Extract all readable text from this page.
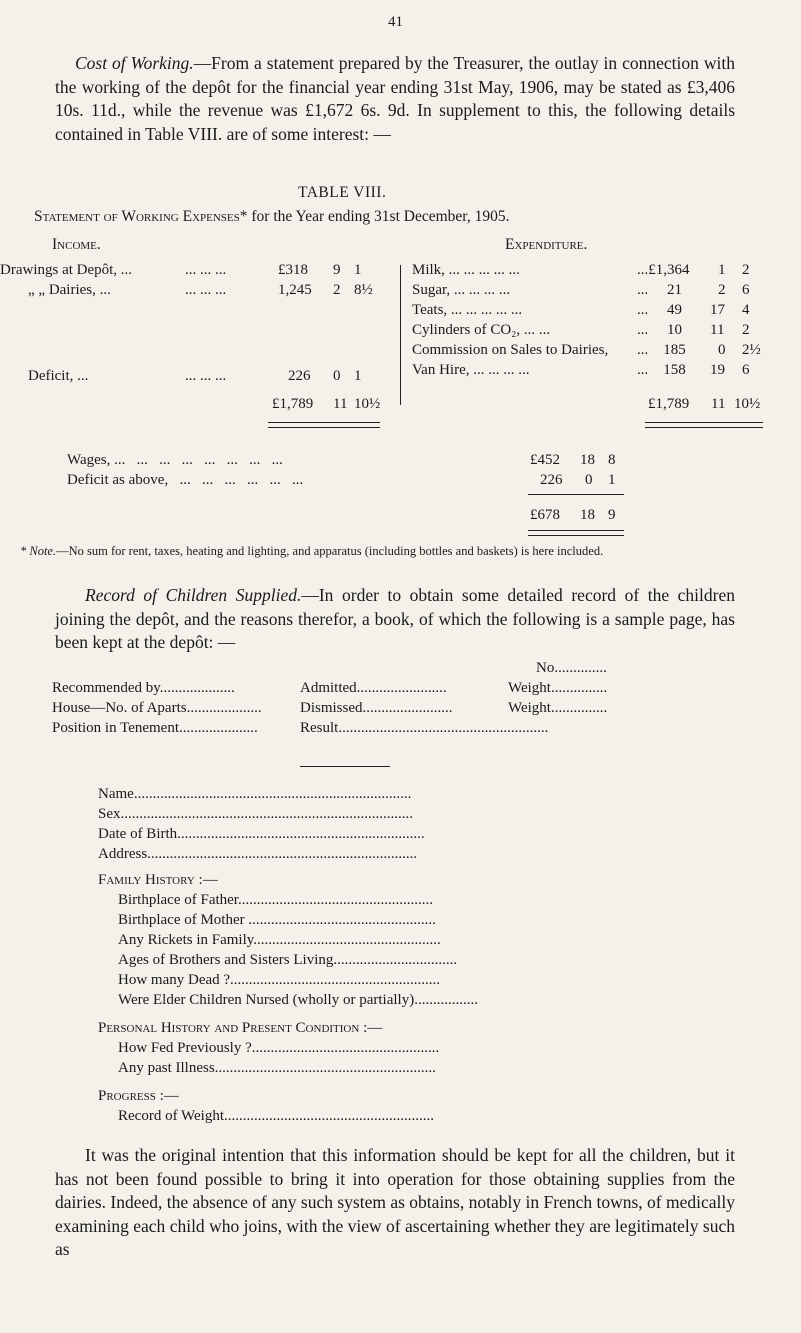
41
Cost of Working.—From a statement prepared by the Treasurer, the outlay in connection with the working of the depôt for the financial year ending 31st May, 1906, may be stated as £3,406 10s. 11d., while the revenue was £1,672 6s. 9d. In supplement to this, the following details contained in Table VIII. are of some interest: —
TABLE VIII.
Statement of Working Expenses* for the Year ending 31st December, 1905.
Income.	Expenditure.
Drawings at Depôt, ...	... ... ...	£318 9 1
„ „ Dairies, ...	... ... ...	1,245 2 8½
Deficit, ...	... ... ...	226 0 1
£1,789 11 10½
Milk, ... ... ... ... ...	...£1,364 1 2
Sugar, ... ... ... ...	...     21 2 6
Teats, ... ... ... ... ...	...     49 17 4
Cylinders of CO₂, ... ...	...     10 11 2
Commission on Sales to Dairies, ...    185 0 2½
Van Hire, ... ... ... ...	...    158 19 6
£1,789 11 10½
Wages, ...   ...   ...   ...   ...   ...   ...   ...	£452 18 8
Deficit as above,   ...   ...   ...   ...   ...   ...	226 0 1
£678 18 9
* Note.—No sum for rent, taxes, heating and lighting, and apparatus (including bottles and baskets) is here included.
Record of Children Supplied.—In order to obtain some detailed record of the children joining the depôt, and the reasons therefor, a book, of which the following is a sample page, has been kept at the depôt: —
No..............
Recommended by....................	Admitted........................	Weight...............
House—No. of Aparts....................	Dismissed........................	Weight...............
Position in Tenement.....................	Result........................................................
Name..........................................................................
Sex..............................................................................
Date of Birth..................................................................
Address........................................................................
Family History :—
Birthplace of Father....................................................
Birthplace of Mother ..................................................
Any Rickets in Family..................................................
Ages of Brothers and Sisters Living.................................
How many Dead ?........................................................
Were Elder Children Nursed (wholly or partially).................
Personal History and Present Condition :—
How Fed Previously ?..................................................
Any past Illness...........................................................
Progress :—
Record of Weight........................................................
It was the original intention that this information should be kept for all the children, but it has not been found possible to bring it into operation for those obtaining supplies from the dairies. Indeed, the absence of any such system as obtains, notably in French towns, of medically examining each child who joins, with the view of ascertaining whether they are legitimately such as
